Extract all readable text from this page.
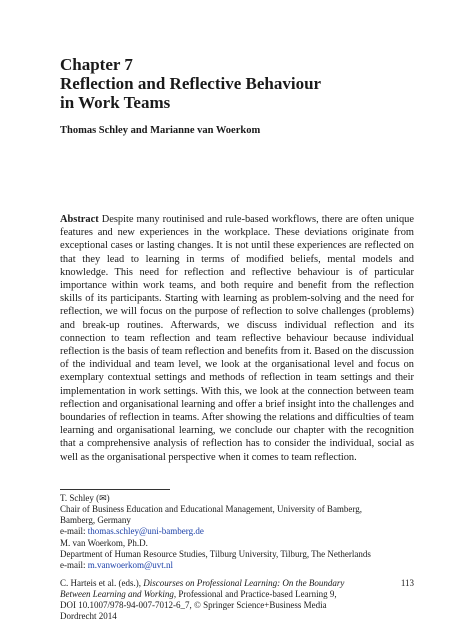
Chapter 7
Reflection and Reflective Behaviour
in Work Teams
Thomas Schley and Marianne van Woerkom
Abstract Despite many routinised and rule-based workflows, there are often unique features and new experiences in the workplace. These deviations originate from exceptional cases or lasting changes. It is not until these experiences are reflected on that they lead to learning in terms of modified beliefs, mental models and knowledge. This need for reflection and reflective behaviour is of particular importance within work teams, and both require and benefit from the reflection skills of its participants. Starting with learning as problem-solving and the need for reflection, we will focus on the purpose of reflection to solve challenges (problems) and break-up routines. Afterwards, we discuss individual reflection and its connection to team reflection and team reflective behaviour because individual reflection is the basis of team reflection and benefits from it. Based on the discussion of the individual and team level, we look at the organisational level and focus on exemplary contextual settings and methods of reflection in team settings and their implementation in work settings. With this, we look at the connection between team reflection and organisational learning and offer a brief insight into the challenges and boundaries of reflection in teams. After showing the relations and difficulties of team learning and organisational learning, we conclude our chapter with the recognition that a comprehensive analysis of reflection has to consider the individual, social as well as the organisational perspective when it comes to team reflection.
T. Schley (✉)
Chair of Business Education and Educational Management, University of Bamberg,
Bamberg, Germany
e-mail: thomas.schley@uni-bamberg.de
M. van Woerkom, Ph.D.
Department of Human Resource Studies, Tilburg University, Tilburg, The Netherlands
e-mail: m.vanwoerkom@uvt.nl
C. Harteis et al. (eds.), Discourses on Professional Learning: On the Boundary Between Learning and Working, Professional and Practice-based Learning 9,
DOI 10.1007/978-94-007-7012-6_7, © Springer Science+Business Media Dordrecht 2014
113
